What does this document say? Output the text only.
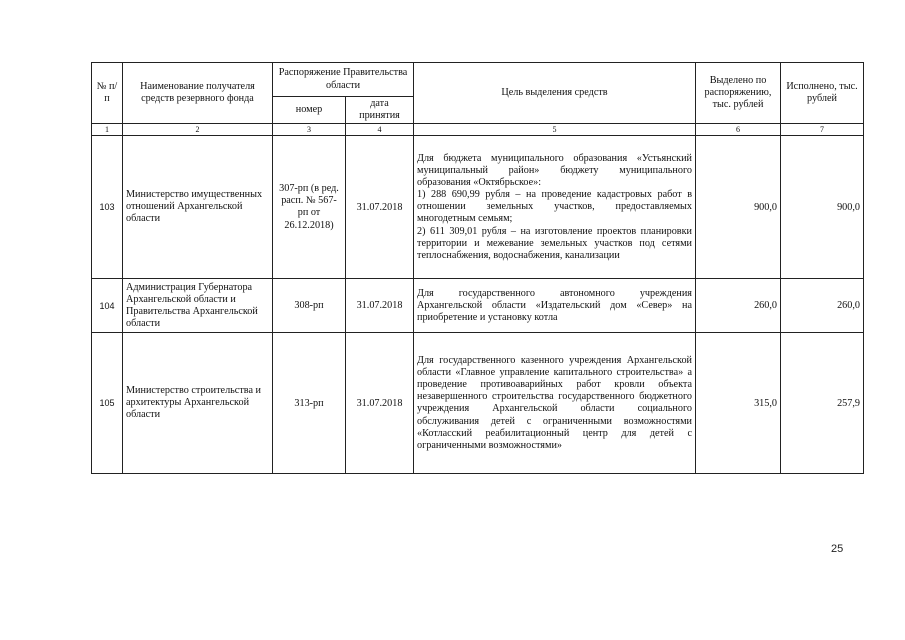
№ п/п	Наименование получателя средств резервного фонда	Распоряжение Правительства области		Цель выделения средств	Выделено по распоряжению, тыс. рублей	Исполнено, тыс. рублей
		номер	дата принятия			
1	2	3	4	5	6	7
103	Министерство имущественных отношений Архангельской области	307-рп (в ред. расп. № 567-рп от 26.12.2018)	31.07.2018	Для бюджета муниципального образования «Устьянский муниципальный район» бюджету муниципального образования «Октябрьское»:
1) 288 690,99 рубля – на проведение кадастровых работ в отношении земельных участков, предоставляемых многодетным семьям;
2) 611 309,01 рубля – на изготовление проектов планировки территории и межевание земельных участков под сетями теплоснабжения, водоснабжения, канализации	900,0	900,0
104	Администрация Губернатора Архангельской области и Правительства Архангельской области	308-рп	31.07.2018	Для государственного автономного учреждения Архангельской области «Издательский дом «Север» на приобретение и установку котла	260,0	260,0
105	Министерство строительства и архитектуры Архангельской области	313-рп	31.07.2018	Для государственного казенного учреждения Архангельской области «Главное управление капитального строительства» а проведение противоаварийных работ кровли объекта незавершенного строительства государственного бюджетного учреждения Архангельской области социального обслуживания детей с ограниченными возможностями «Котласский реабилитационный центр для детей с ограниченными возможностями»	315,0	257,9
25
